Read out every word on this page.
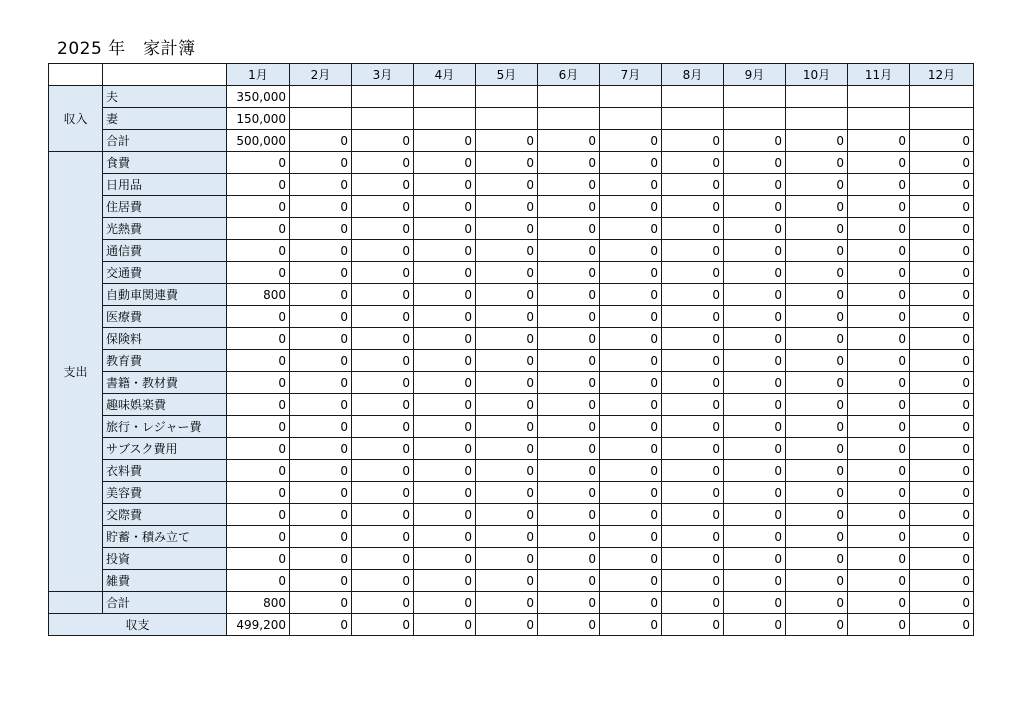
2025 年　家計簿
		1月	2月	3月	4月	5月	6月	7月	8月	9月	10月	11月	12月
収入	夫	350,000											
	妻	150,000											
	合計	500,000	0	0	0	0	0	0	0	0	0	0	0
支出	食費	0	0	0	0	0	0	0	0	0	0	0	0
	日用品	0	0	0	0	0	0	0	0	0	0	0	0
	住居費	0	0	0	0	0	0	0	0	0	0	0	0
	光熱費	0	0	0	0	0	0	0	0	0	0	0	0
	通信費	0	0	0	0	0	0	0	0	0	0	0	0
	交通費	0	0	0	0	0	0	0	0	0	0	0	0
	自動車関連費	800	0	0	0	0	0	0	0	0	0	0	0
	医療費	0	0	0	0	0	0	0	0	0	0	0	0
	保険料	0	0	0	0	0	0	0	0	0	0	0	0
	教育費	0	0	0	0	0	0	0	0	0	0	0	0
	書籍・教材費	0	0	0	0	0	0	0	0	0	0	0	0
	趣味娯楽費	0	0	0	0	0	0	0	0	0	0	0	0
	旅行・レジャー費	0	0	0	0	0	0	0	0	0	0	0	0
	サブスク費用	0	0	0	0	0	0	0	0	0	0	0	0
	衣料費	0	0	0	0	0	0	0	0	0	0	0	0
	美容費	0	0	0	0	0	0	0	0	0	0	0	0
	交際費	0	0	0	0	0	0	0	0	0	0	0	0
	貯蓄・積み立て	0	0	0	0	0	0	0	0	0	0	0	0
	投資	0	0	0	0	0	0	0	0	0	0	0	0
	雑費	0	0	0	0	0	0	0	0	0	0	0	0
	合計	800	0	0	0	0	0	0	0	0	0	0	0
収支		499,200	0	0	0	0	0	0	0	0	0	0	0
